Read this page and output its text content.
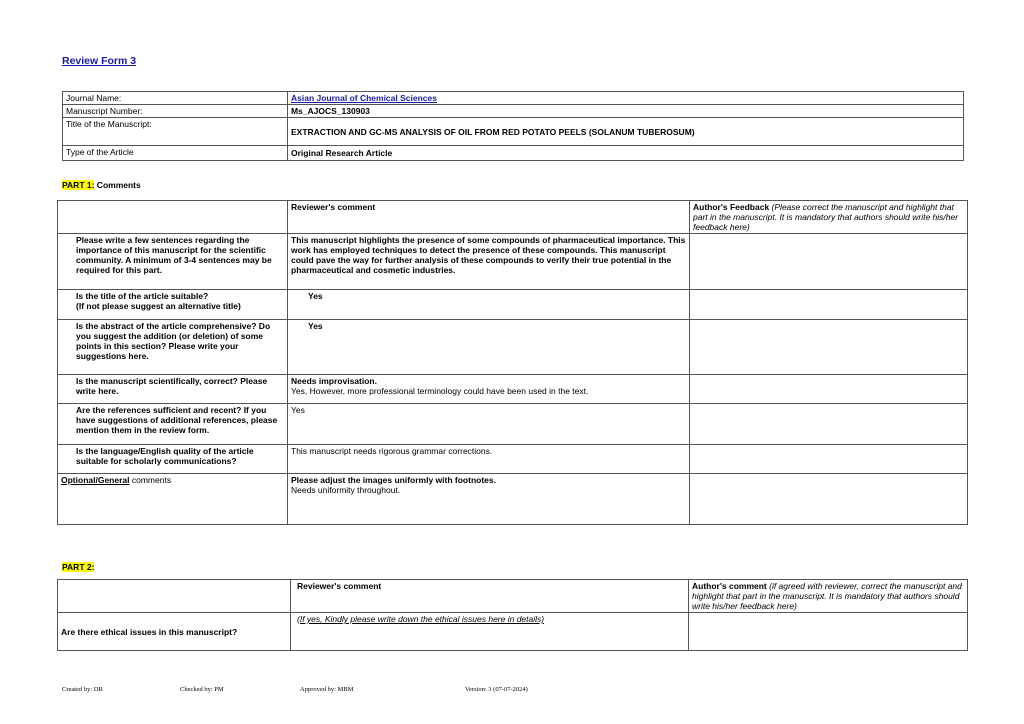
Review Form 3
Journal Name:	Asian Journal of Chemical Sciences
Manuscript Number:	Ms_AJOCS_130903
Title of the Manuscript:	EXTRACTION AND GC-MS ANALYSIS OF OIL FROM RED POTATO PEELS (SOLANUM TUBEROSUM)
Type of the Article	Original Research Article
PART 1: Comments
	Reviewer's comment	Author's Feedback (Please correct the manuscript and highlight that part in the manuscript. It is mandatory that authors should write his/her feedback here)
Please write a few sentences regarding the importance of this manuscript for the scientific community. A minimum of 3-4 sentences may be required for this part.	This manuscript highlights the presence of some compounds of pharmaceutical importance. This work has employed techniques to detect the presence of these compounds. This manuscript could pave the way for further analysis of these compounds to verify their true potential in the pharmaceutical and cosmetic industries.	
Is the title of the article suitable?
(If not please suggest an alternative title)	Yes	
Is the abstract of the article comprehensive? Do you suggest the addition (or deletion) of some points in this section? Please write your suggestions here.	Yes	
Is the manuscript scientifically, correct? Please write here.	Needs improvisation.
Yes, However, more professional terminology could have been used in the text.	

Are the references sufficient and recent? If you have suggestions of additional references, please mention them in the review form.	Yes	

Is the language/English quality of the article suitable for scholarly communications?	This manuscript needs rigorous grammar corrections.	

Optional/General comments	Please adjust the images uniformly with footnotes.
Needs uniformity throughout.	

PART 2:
	Reviewer's comment	Author's comment (if agreed with reviewer, correct the manuscript and highlight that part in the manuscript. It is mandatory that authors should write his/her feedback here)
Are there ethical issues in this manuscript?	(If yes, Kindly please write down the ethical issues here in details)	
Created by: DR	Checked by: PM	Approved by: MBM	Version: 3 (07-07-2024)
